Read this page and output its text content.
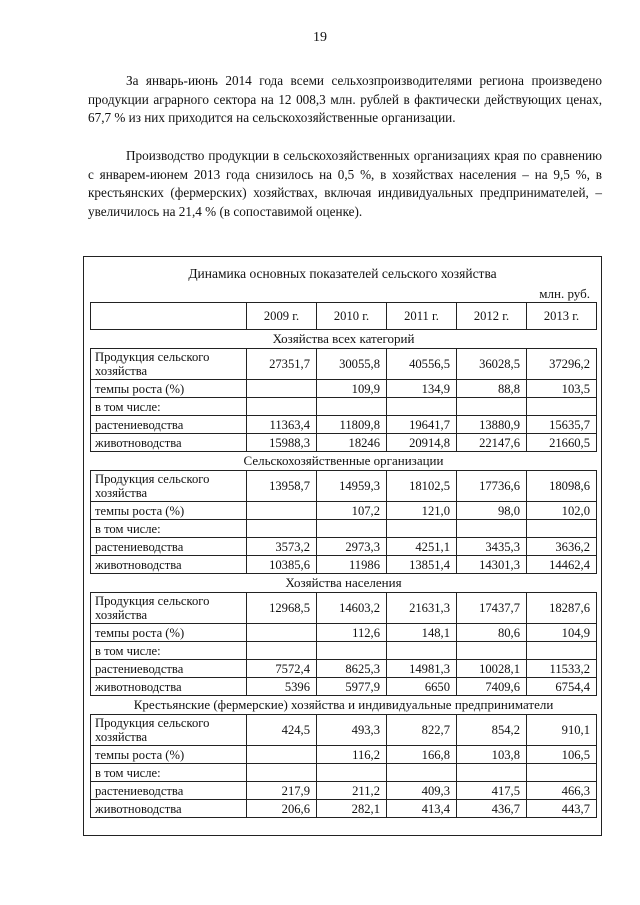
19

За январь-июнь 2014 года всеми сельхозпроизводителями региона произведено продукции аграрного сектора на 12 008,3 млн. рублей в фактически действующих ценах, 67,7 % из них приходится на сельскохозяйственные организации.

Производство продукции в сельскохозяйственных организациях края по сравнению с январем-июнем 2013 года снизилось на 0,5 %, в хозяйствах населения – на 9,5 %, в крестьянских (фермерских) хозяйствах, включая индивидуальных предпринимателей, – увеличилось на 21,4 % (в сопоставимой оценке).

Динамика основных показателей сельского хозяйства
млн. руб.
	2009 г.	2010 г.	2011 г.	2012 г.	2013 г.
Хозяйства всех категорий					
Продукция сельского хозяйства	27351,7	30055,8	40556,5	36028,5	37296,2
темпы роста (%)		109,9	134,9	88,8	103,5
в том числе:					
растениеводства	11363,4	11809,8	19641,7	13880,9	15635,7
животноводства	15988,3	18246	20914,8	22147,6	21660,5
Сельскохозяйственные организации					
Продукция сельского хозяйства	13958,7	14959,3	18102,5	17736,6	18098,6
темпы роста (%)		107,2	121,0	98,0	102,0
в том числе:					
растениеводства	3573,2	2973,3	4251,1	3435,3	3636,2
животноводства	10385,6	11986	13851,4	14301,3	14462,4
Хозяйства населения					
Продукция сельского хозяйства	12968,5	14603,2	21631,3	17437,7	18287,6
темпы роста (%)		112,6	148,1	80,6	104,9
в том числе:					
растениеводства	7572,4	8625,3	14981,3	10028,1	11533,2
животноводства	5396	5977,9	6650	7409,6	6754,4
Крестьянские (фермерские) хозяйства и индивидуальные предприниматели					
Продукция сельского хозяйства	424,5	493,3	822,7	854,2	910,1
темпы роста (%)		116,2	166,8	103,8	106,5
в том числе:					
растениеводства	217,9	211,2	409,3	417,5	466,3
животноводства	206,6	282,1	413,4	436,7	443,7
